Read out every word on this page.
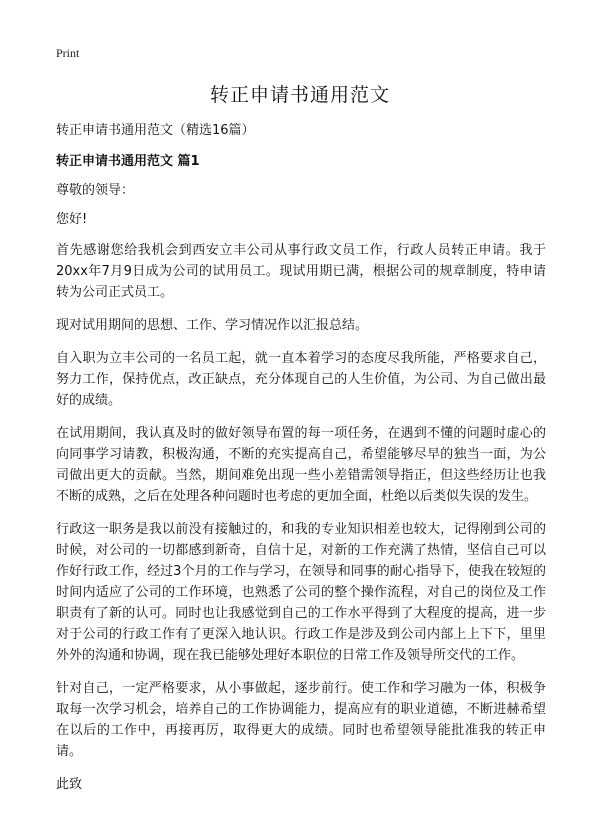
Print
转正申请书通用范文

转正申请书通用范文（精选16篇）

转正申请书通用范文 篇1

尊敬的领导：

您好!

首先感谢您给我机会到西安立丰公司从事行政文员工作，行政人员转正申请。我于20xx年7月9日成为公司的试用员工。现试用期已满，根据公司的规章制度，特申请转为公司正式员工。

现对试用期间的思想、工作、学习情况作以汇报总结。

自入职为立丰公司的一名员工起，就一直本着学习的态度尽我所能，严格要求自己，努力工作，保持优点，改正缺点，充分体现自己的人生价值，为公司、为自己做出最好的成绩。

在试用期间，我认真及时的做好领导布置的每一项任务，在遇到不懂的问题时虚心的向同事学习请教，积极沟通，不断的充实提高自己，希望能够尽早的独当一面，为公司做出更大的贡献。当然，期间难免出现一些小差错需领导指正，但这些经历让也我不断的成熟，之后在处理各种问题时也考虑的更加全面，杜绝以后类似失误的发生。

行政这一职务是我以前没有接触过的，和我的专业知识相差也较大，记得刚到公司的时候，对公司的一切都感到新奇，自信十足，对新的工作充满了热情，坚信自己可以作好行政工作，经过3个月的工作与学习，在领导和同事的耐心指导下，使我在较短的时间内适应了公司的工作环境，也熟悉了公司的整个操作流程，对自己的岗位及工作职责有了新的认可。同时也让我感觉到自己的工作水平得到了大程度的提高，进一步对于公司的行政工作有了更深入地认识。行政工作是涉及到公司内部上上下下，里里外外的沟通和协调，现在我已能够处理好本职位的日常工作及领导所交代的工作。

针对自己，一定严格要求，从小事做起，逐步前行。使工作和学习融为一体，积极争取每一次学习机会，培养自己的工作协调能力，提高应有的职业道德，不断进赫希望在以后的工作中，再接再厉，取得更大的成绩。同时也希望领导能批准我的转正申请。

此致
